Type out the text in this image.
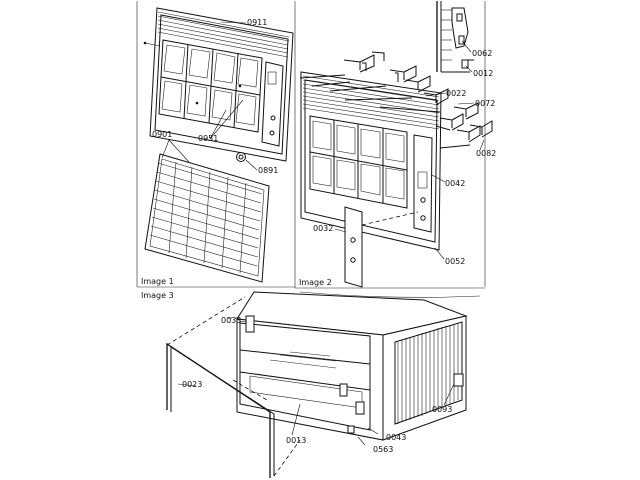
0911
0901	0951
0891
Image 1
0062
0012
0022
0072
0082
0042
0032
0052
Image 2
Image 3
0033
0023
0013
0563
0043
0093
